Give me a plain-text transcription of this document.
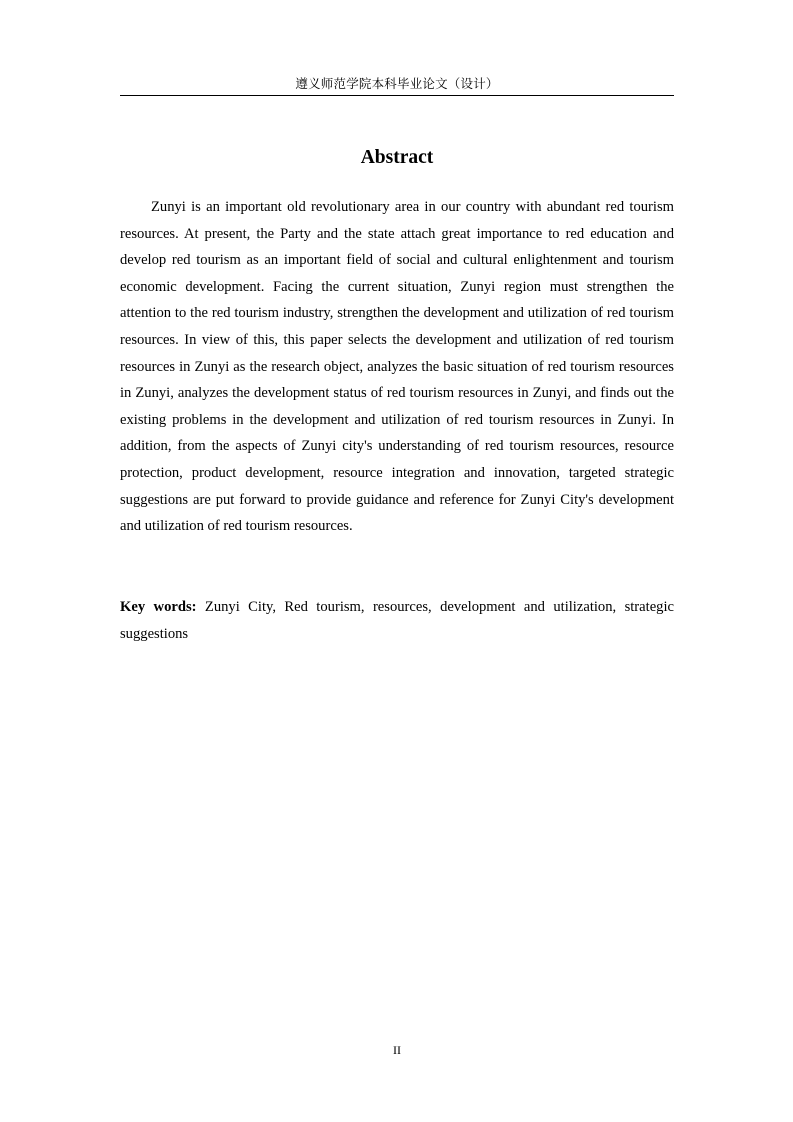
遵义师范学院本科毕业论文（设计）
Abstract

Zunyi is an important old revolutionary area in our country with abundant red tourism resources. At present, the Party and the state attach great importance to red education and develop red tourism as an important field of social and cultural enlightenment and tourism economic development. Facing the current situation, Zunyi region must strengthen the attention to the red tourism industry, strengthen the development and utilization of red tourism resources. In view of this, this paper selects the development and utilization of red tourism resources in Zunyi as the research object, analyzes the basic situation of red tourism resources in Zunyi, analyzes the development status of red tourism resources in Zunyi, and finds out the existing problems in the development and utilization of red tourism resources in Zunyi. In addition, from the aspects of Zunyi city's understanding of red tourism resources, resource protection, product development, resource integration and innovation, targeted strategic suggestions are put forward to provide guidance and reference for Zunyi City's development and utilization of red tourism resources.

Key words: Zunyi City, Red tourism, resources, development and utilization, strategic suggestions

II
